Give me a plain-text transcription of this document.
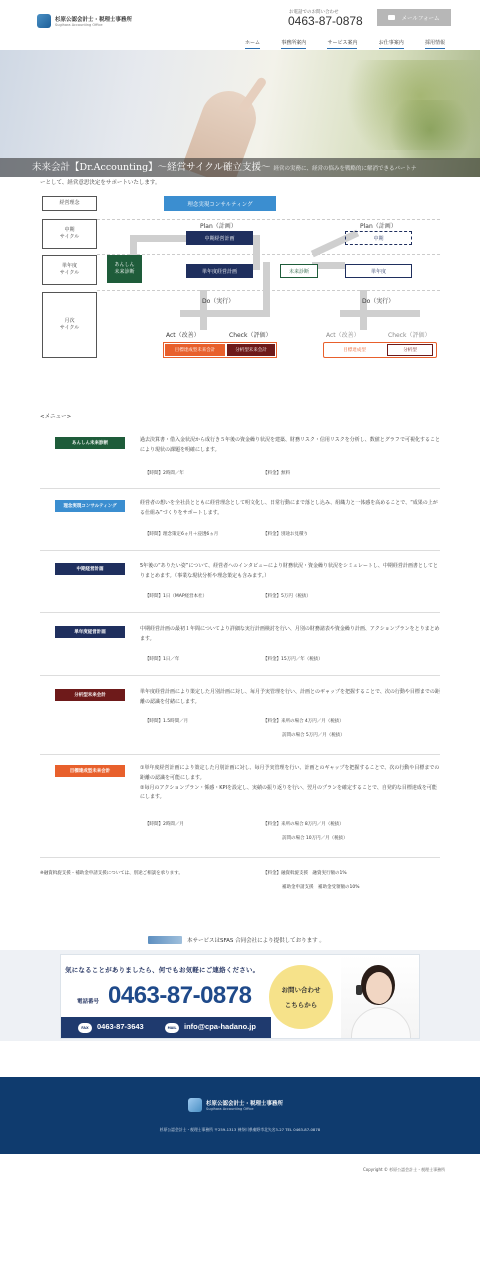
杉原公認会計士・税理士事務所
Sugihara Accounting Office
お電話でのお問い合わせ
0463-87-0878	メールフォーム
ホーム	事務所案内	サービス案内	お仕事案内	採用情報
未来会計【Dr.Accounting】～経営サイクル確立支援～ 経営の実務に、経営の悩みを戦略的に解消できるパートナ
ーとして、経営意思決定をサポートいたします。
経営理念
中期
サイクル
単年度
サイクル
月次
サイクル
理念実現コンサルティング
Plan（計画）	Plan（計画）
中期経営計画	中期
あんしん
未来診断	単年度経営計画	未来診断	単年度
Do（実行）	Do（実行）
Act（改善）	Check（評価）	Act（改善）	Check（評価）
目標達成型未来会計	分析型未来会計	目標達成型	分析型
<メニュー>
あんしん未来診断
過去決算書・借入金状況から成行き５年後の資金繰り状況を建築、財務リスク・信用リスクを分析し、数値とグラフで可視化することにより現状の課題を明確にします。
【時間】2時間／年	【料金】無料
理念実現コンサルティング
経営者の想いを全社員とともに経営理念として明文化し、日常行動にまで落とし込み、組織力と一体感を高めることで、“成果の上がる仕組み”づくりをサポートします。
【時間】理念策定6ヵ月＋浸透6ヵ月	【料金】別途お見積り
中期経営計画
5年後の“ありたい姿”について、経営者へのインタビューにより財務状況・資金繰り状況をシミュレートし、中期経営計画書としてとりまとめます。（事業な現状分析や理念策定も含みます。）
【時間】1日（MAP経営本社）	【料金】5万円（税抜）
単年度経営計画
中期経営計画の最初１年間についてより詳細な実行計画検討を行い、月別の財務諸表や資金繰り計画、アクションプランをとりまとめます。
【時間】1日／年	【料金】15万円／年（税抜）
分析型未来会計
単年度経営計画により策定した月別計画に対し、毎月予実管理を行い、計画とのギャップを把握することで、次の行動や目標までの距離の認識を付緒にします。
【時間】1.5時間／月	【料金】来所の場合 4万円／月（税抜）
訪問の場合 5万円／月（税抜）
目標達成型未来会計
①単年度経営計画により策定した月別計画に対し、毎月予実管理を行い、計画とのギャップを把握することで、次の行動や目標までの距離の認識を可能にします。
②毎月のアクションプラン・係感・KPIを設定し、実績の振り返りを行い、翌月のプランを確定することで、自発的な目標達成を可能にします。
【時間】2時間／月	【料金】来所の場合 8万円／月（税抜）
訪問の場合 10万円／月（税抜）
※融資斡旋支援・補助金申請支援については、別途ご相談を承ります。	【料金】融資斡旋支援　融資実行額の1%
補助金申請支援　補助金受領額の10%
本サービスはSFAS 合同会社により提供しております 。
気になることがありましたら、何でもお気軽にご連絡ください。
電話番号 0463-87-0878	お問い合わせ
こちらから
FAX	0463-87-3643	MAIL	info@cpa-hadano.jp
杉原公認会計士・税理士事務所
Sugihara Accounting Office
杉原公認会計士・税理士事務所 〒259-1313 神奈川県秦野市北矢名3-27 TEL 0463-87-0878
Copyright © 杉原公認会計士・税理士事務所
